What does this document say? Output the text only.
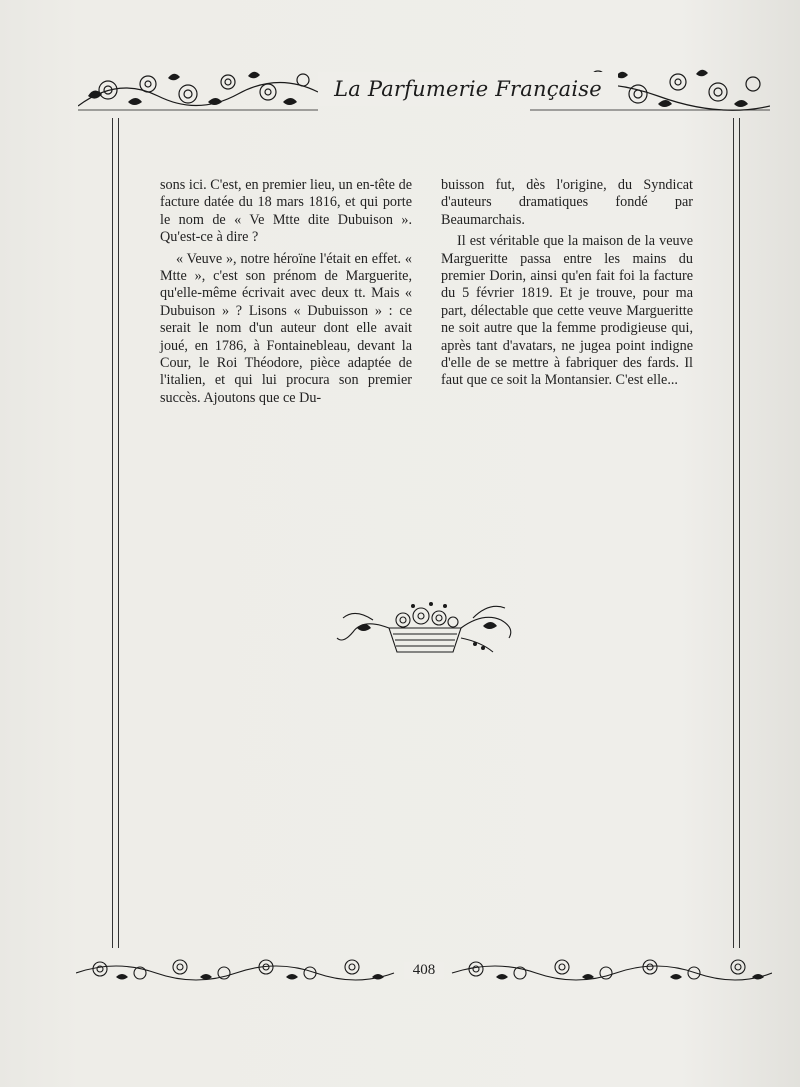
La Parfumerie Française

sons ici. C'est, en premier lieu, un en-tête de facture datée du 18 mars 1816, et qui porte le nom de « Ve Mtte dite Dubuison ». Qu'est-ce à dire ?

« Veuve », notre héroïne l'était en effet. « Mtte », c'est son prénom de Marguerite, qu'elle-même écrivait avec deux tt. Mais « Dubuison » ? Lisons « Dubuisson » : ce serait le nom d'un auteur dont elle avait joué, en 1786, à Fontainebleau, devant la Cour, le Roi Théodore, pièce adaptée de l'italien, et qui lui procura son premier succès. Ajoutons que ce Du-

buisson fut, dès l'origine, du Syndicat d'auteurs dramatiques fondé par Beaumarchais.

Il est véritable que la maison de la veuve Margueritte passa entre les mains du premier Dorin, ainsi qu'en fait foi la facture du 5 février 1819. Et je trouve, pour ma part, délectable que cette veuve Margueritte ne soit autre que la femme prodigieuse qui, après tant d'avatars, ne jugea point indigne d'elle de se mettre à fabriquer des fards. Il faut que ce soit la Montansier. C'est elle...

408
